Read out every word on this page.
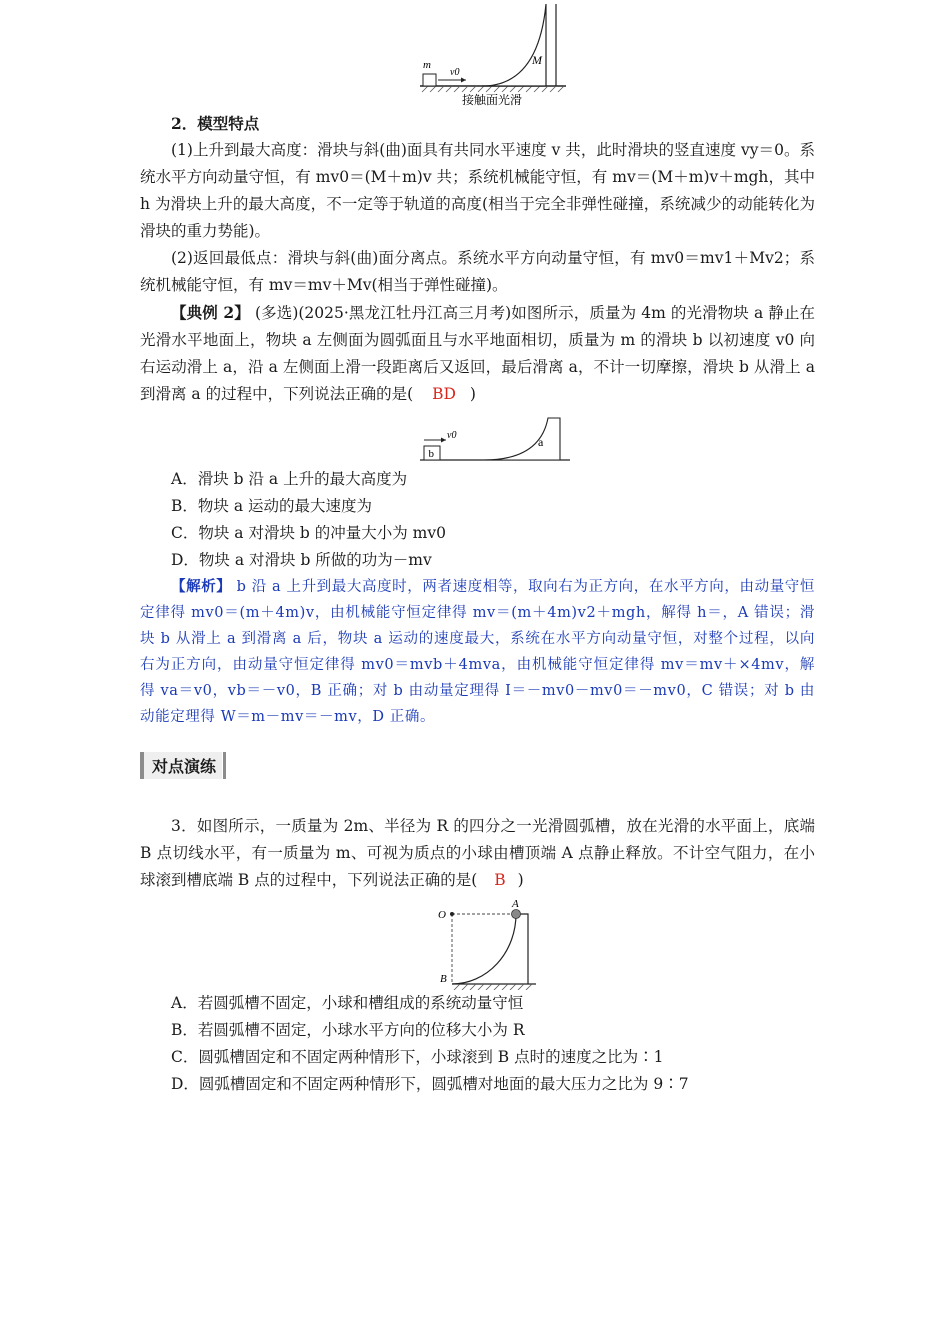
m
v0
M
接触面光滑

2．模型特点

(1)上升到最大高度：滑块与斜(曲)面具有共同水平速度 v 共，此时滑块的竖直速度 vy＝0。系统水平方向动量守恒，有 mv0＝(M＋m)v 共；系统机械能守恒，有 mv＝(M＋m)v＋mgh，其中 h 为滑块上升的最大高度，不一定等于轨道的高度(相当于完全非弹性碰撞，系统减少的动能转化为滑块的重力势能)。

(2)返回最低点：滑块与斜(曲)面分离点。系统水平方向动量守恒，有 mv0＝mv1＋Mv2；系统机械能守恒，有 mv＝mv＋Mv(相当于弹性碰撞)。

【典例 2】 (多选)(2025·黑龙江牡丹江高三月考)如图所示，质量为 4m 的光滑物块 a 静止在光滑水平地面上，物块 a 左侧面为圆弧面且与水平地面相切，质量为 m 的滑块 b 以初速度 v0 向右运动滑上 a，沿 a 左侧面上滑一段距离后又返回，最后滑离 a，不计一切摩擦，滑块 b 从滑上 a 到滑离 a 的过程中，下列说法正确的是( BD )

b
v0	a

A．滑块 b 沿 a 上升的最大高度为

B．物块 a 运动的最大速度为

C．物块 a 对滑块 b 的冲量大小为 mv0

D．物块 a 对滑块 b 所做的功为－mv

【解析】 b 沿 a 上升到最大高度时，两者速度相等，取向右为正方向，在水平方向，由动量守恒定律得 mv0＝(m＋4m)v，由机械能守恒定律得 mv＝(m＋4m)v2＋mgh，解得 h＝，A 错误；滑块 b 从滑上 a 到滑离 a 后，物块 a 运动的速度最大，系统在水平方向动量守恒，对整个过程，以向右为正方向，由动量守恒定律得 mv0＝mvb＋4mva，由机械能守恒定律得 mv＝mv＋×4mv，解得 va＝v0，vb＝－v0，B 正确；对 b 由动量定理得 I＝－mv0－mv0＝－mv0，C 错误；对 b 由动能定理得 W＝m－mv＝－mv，D 正确。

对点演练

3．如图所示，一质量为 2m、半径为 R 的四分之一光滑圆弧槽，放在光滑的水平面上，底端 B 点切线水平，有一质量为 m、可视为质点的小球由槽顶端 A 点静止释放。不计空气阻力，在小球滚到槽底端 B 点的过程中，下列说法正确的是( B )

O
A
B

A．若圆弧槽不固定，小球和槽组成的系统动量守恒

B．若圆弧槽不固定，小球水平方向的位移大小为 R

C．圆弧槽固定和不固定两种情形下，小球滚到 B 点时的速度之比为∶1

D．圆弧槽固定和不固定两种情形下，圆弧槽对地面的最大压力之比为 9∶7
